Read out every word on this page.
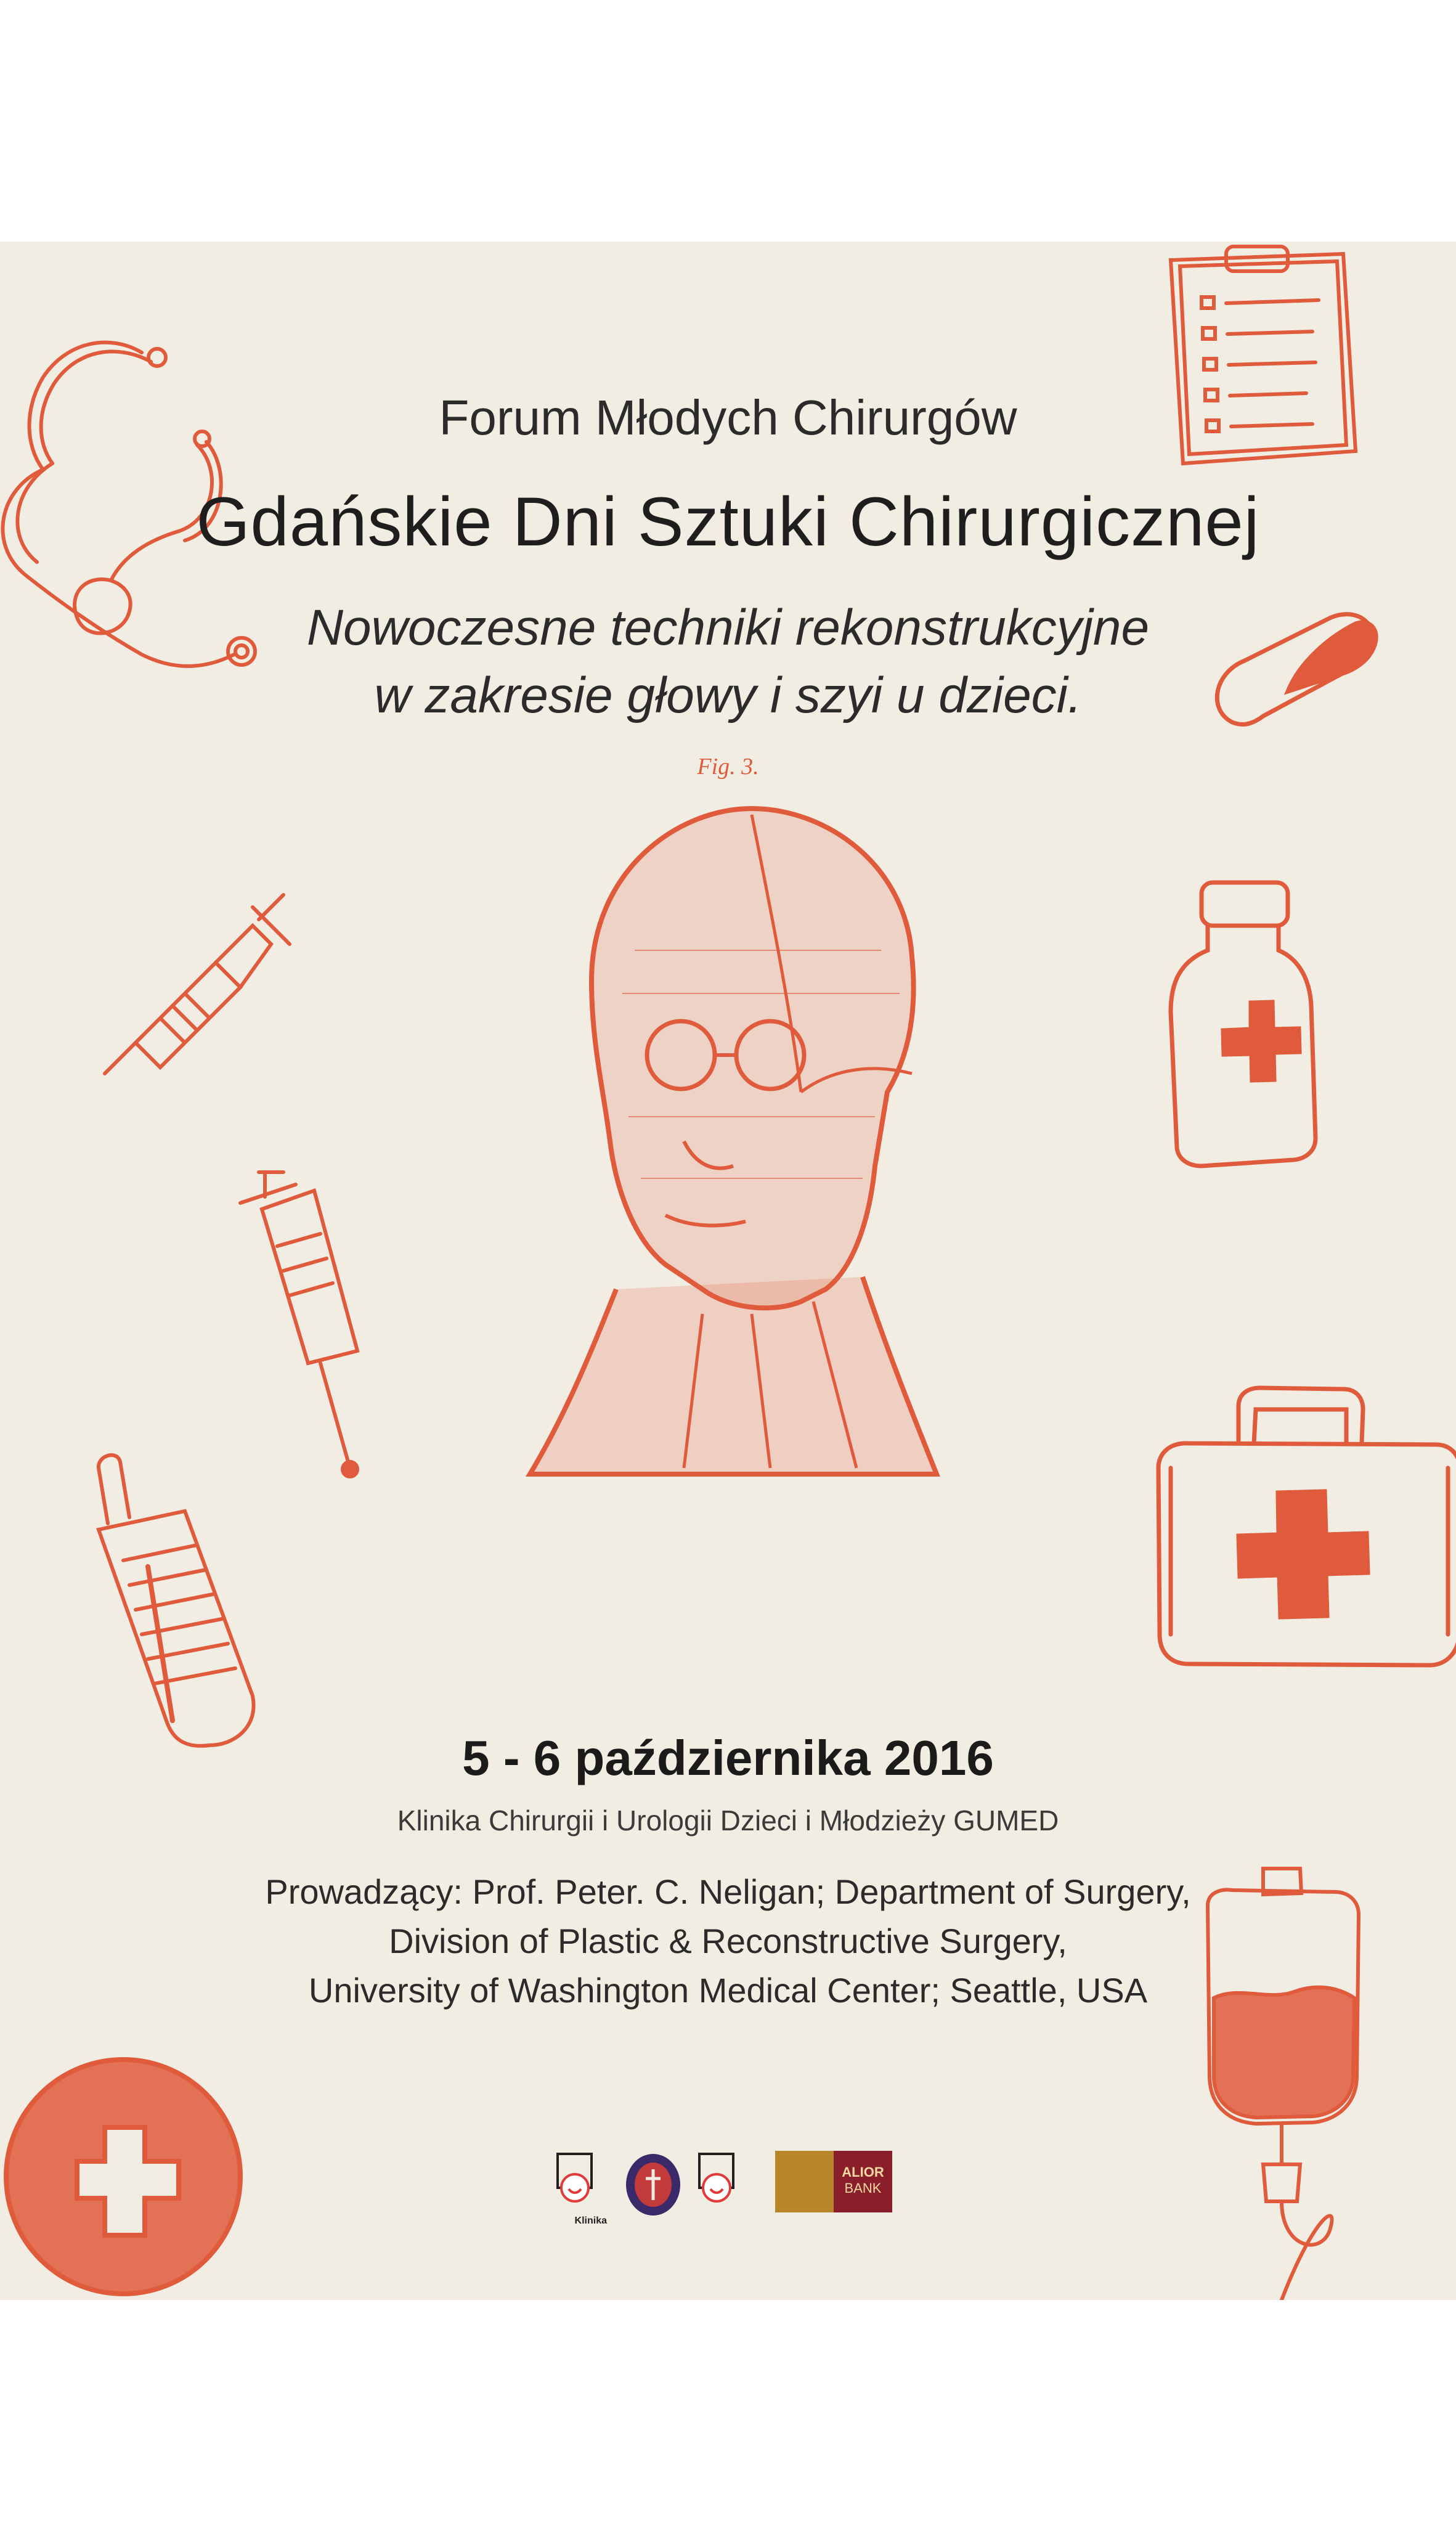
Forum Młodych Chirurgów
Gdańskie Dni Sztuki Chirurgicznej
Nowoczesne techniki rekonstrukcyjne
w zakresie głowy i szyi u dzieci.
Fig. 3.
5 - 6 października 2016
Klinika Chirurgii i Urologii Dzieci i Młodzieży GUMED
Prowadzący: Prof. Peter. C. Neligan; Department of Surgery,
Division of Plastic & Reconstructive Surgery,
University of Washington Medical Center; Seattle, USA
Klinika
ALIOR
BANK
